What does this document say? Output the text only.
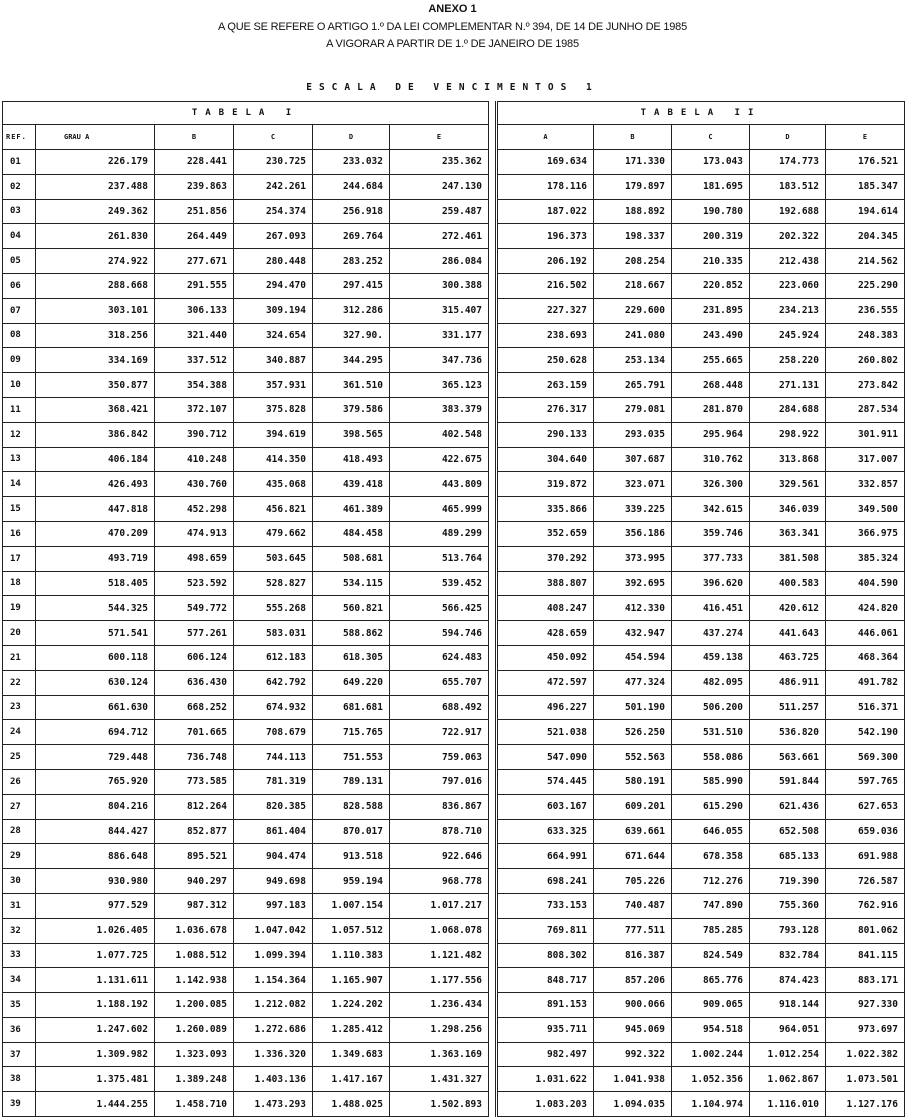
ANEXO 1
A QUE SE REFERE O ARTIGO 1.º DA LEI COMPLEMENTAR N.º 394, DE 14 DE JUNHO DE 1985
A VIGORAR A PARTIR DE 1.º DE JANEIRO DE 1985
ESCALA DE VENCIMENTOS 1
TABELA I							TABELA II				
REF.	GRAU A	B	C	D	E		A	B	C	D	E
01	226.179	228.441	230.725	233.032	235.362		169.634	171.330	173.043	174.773	176.521
02	237.488	239.863	242.261	244.684	247.130		178.116	179.897	181.695	183.512	185.347
03	249.362	251.856	254.374	256.918	259.487		187.022	188.892	190.780	192.688	194.614
04	261.830	264.449	267.093	269.764	272.461		196.373	198.337	200.319	202.322	204.345
05	274.922	277.671	280.448	283.252	286.084		206.192	208.254	210.335	212.438	214.562
06	288.668	291.555	294.470	297.415	300.388		216.502	218.667	220.852	223.060	225.290
07	303.101	306.133	309.194	312.286	315.407		227.327	229.600	231.895	234.213	236.555
08	318.256	321.440	324.654	327.90.	331.177		238.693	241.080	243.490	245.924	248.383
09	334.169	337.512	340.887	344.295	347.736		250.628	253.134	255.665	258.220	260.802
10	350.877	354.388	357.931	361.510	365.123		263.159	265.791	268.448	271.131	273.842
11	368.421	372.107	375.828	379.586	383.379		276.317	279.081	281.870	284.688	287.534
12	386.842	390.712	394.619	398.565	402.548		290.133	293.035	295.964	298.922	301.911
13	406.184	410.248	414.350	418.493	422.675		304.640	307.687	310.762	313.868	317.007
14	426.493	430.760	435.068	439.418	443.809		319.872	323.071	326.300	329.561	332.857
15	447.818	452.298	456.821	461.389	465.999		335.866	339.225	342.615	346.039	349.500
16	470.209	474.913	479.662	484.458	489.299		352.659	356.186	359.746	363.341	366.975
17	493.719	498.659	503.645	508.681	513.764		370.292	373.995	377.733	381.508	385.324
18	518.405	523.592	528.827	534.115	539.452		388.807	392.695	396.620	400.583	404.590
19	544.325	549.772	555.268	560.821	566.425		408.247	412.330	416.451	420.612	424.820
20	571.541	577.261	583.031	588.862	594.746		428.659	432.947	437.274	441.643	446.061
21	600.118	606.124	612.183	618.305	624.483		450.092	454.594	459.138	463.725	468.364
22	630.124	636.430	642.792	649.220	655.707		472.597	477.324	482.095	486.911	491.782
23	661.630	668.252	674.932	681.681	688.492		496.227	501.190	506.200	511.257	516.371
24	694.712	701.665	708.679	715.765	722.917		521.038	526.250	531.510	536.820	542.190
25	729.448	736.748	744.113	751.553	759.063		547.090	552.563	558.086	563.661	569.300
26	765.920	773.585	781.319	789.131	797.016		574.445	580.191	585.990	591.844	597.765
27	804.216	812.264	820.385	828.588	836.867		603.167	609.201	615.290	621.436	627.653
28	844.427	852.877	861.404	870.017	878.710		633.325	639.661	646.055	652.508	659.036
29	886.648	895.521	904.474	913.518	922.646		664.991	671.644	678.358	685.133	691.988
30	930.980	940.297	949.698	959.194	968.778		698.241	705.226	712.276	719.390	726.587
31	977.529	987.312	997.183	1.007.154	1.017.217		733.153	740.487	747.890	755.360	762.916
32	1.026.405	1.036.678	1.047.042	1.057.512	1.068.078		769.811	777.511	785.285	793.128	801.062
33	1.077.725	1.088.512	1.099.394	1.110.383	1.121.482		808.302	816.387	824.549	832.784	841.115
34	1.131.611	1.142.938	1.154.364	1.165.907	1.177.556		848.717	857.206	865.776	874.423	883.171
35	1.188.192	1.200.085	1.212.082	1.224.202	1.236.434		891.153	900.066	909.065	918.144	927.330
36	1.247.602	1.260.089	1.272.686	1.285.412	1.298.256		935.711	945.069	954.518	964.051	973.697
37	1.309.982	1.323.093	1.336.320	1.349.683	1.363.169		982.497	992.322	1.002.244	1.012.254	1.022.382
38	1.375.481	1.389.248	1.403.136	1.417.167	1.431.327		1.031.622	1.041.938	1.052.356	1.062.867	1.073.501
39	1.444.255	1.458.710	1.473.293	1.488.025	1.502.893		1.083.203	1.094.035	1.104.974	1.116.010	1.127.176
